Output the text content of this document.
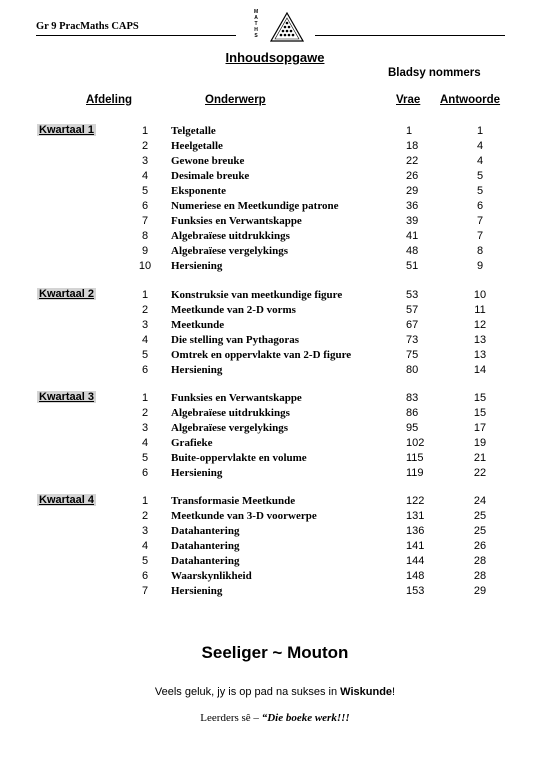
Gr 9 PracMaths CAPS
M
A
T
H
S
Inhoudsopgawe
Bladsy nommers
Afdeling	Onderwerp	Vrae Antwoorde
Kwartaal 1	1	Telgetalle	1	1
2	Heelgetalle	18	4
3	Gewone breuke	22	4
4	Desimale breuke	26	5
5	Eksponente	29	5
6	Numeriese en Meetkundige patrone	36	6
7	Funksies en Verwantskappe	39	7
8	Algebraïese uitdrukkings	41	7
9	Algebraïese vergelykings	48	8
10	Hersiening	51	9
Kwartaal 2	1	Konstruksie van meetkundige figure	53	10
2	Meetkunde van 2-D vorms	57	11
3	Meetkunde	67	12
4	Die stelling van Pythagoras	73	13
5	Omtrek en oppervlakte van 2-D figure	75	13
6	Hersiening	80	14
Kwartaal 3	1	Funksies en Verwantskappe	83	15
2	Algebraïese uitdrukkings	86	15
3	Algebraïese vergelykings	95	17
4	Grafieke	102	19
5	Buite-oppervlakte en volume	115	21
6	Hersiening	119	22
Kwartaal 4	1	Transformasie Meetkunde	122	24
2	Meetkunde van 3-D voorwerpe	131	25
3	Datahantering	136	25
4	Datahantering	141	26
5	Datahantering	144	28
6	Waarskynlikheid	148	28
7	Hersiening	153	29
Seeliger ~ Mouton
Veels geluk, jy is op pad na sukses in Wiskunde!
Leerders sê – “Die boeke werk!!!
